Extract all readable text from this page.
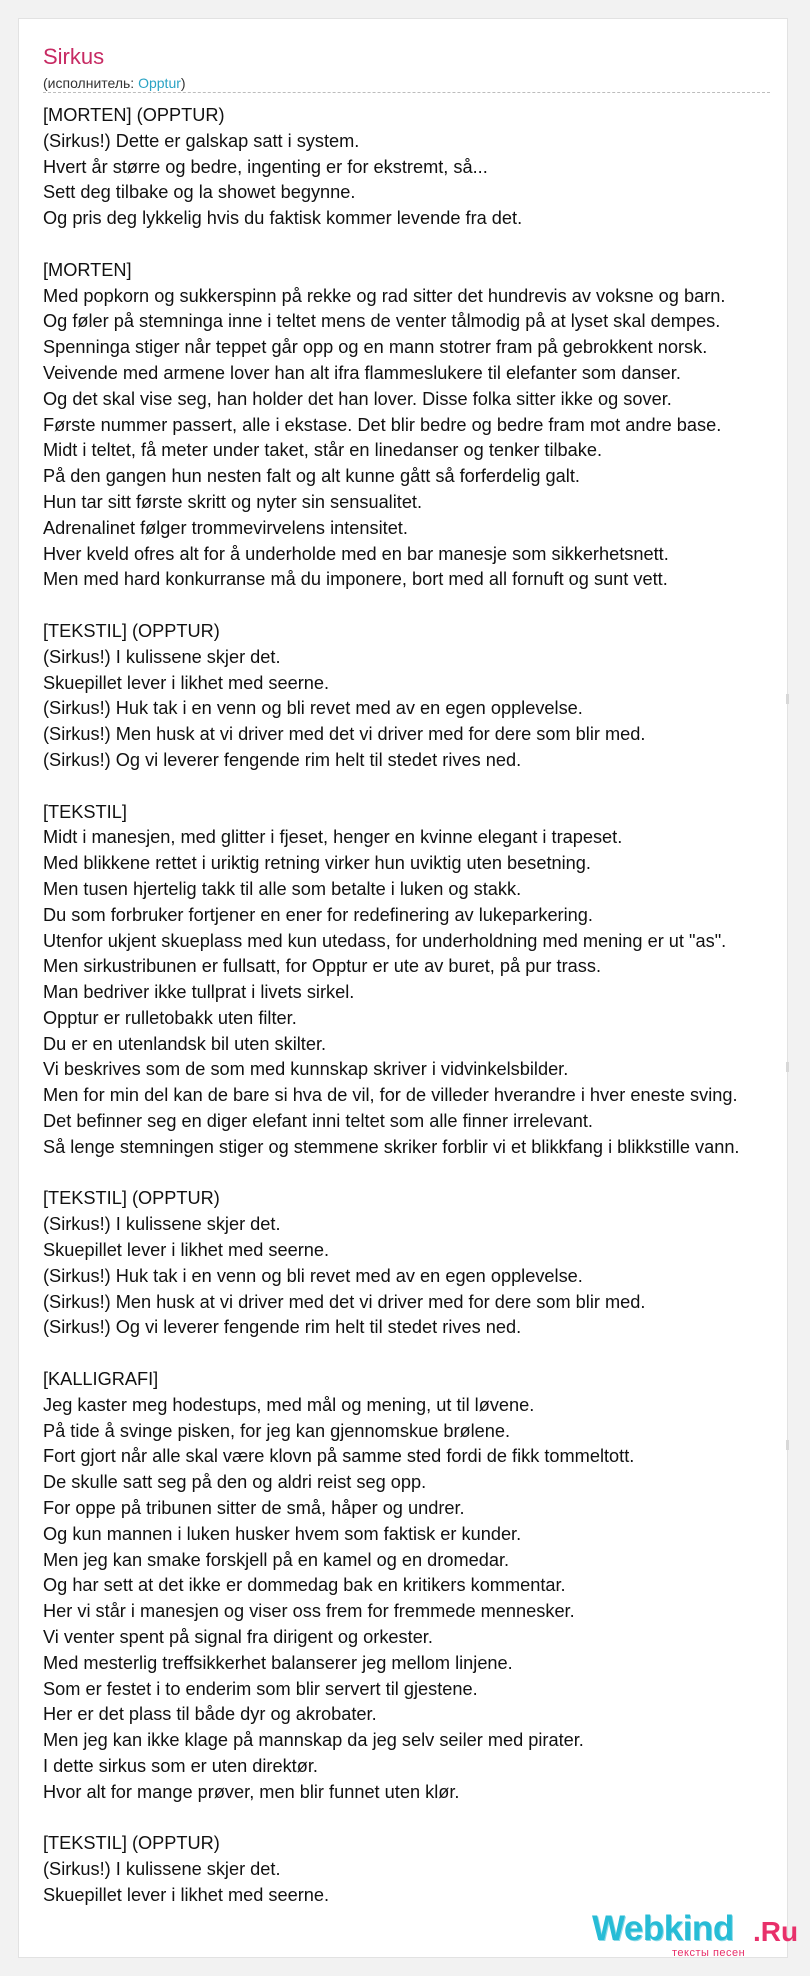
Sirkus
(исполнитель: Opptur)
[MORTEN] (OPPTUR)
(Sirkus!) Dette er galskap satt i system.
Hvert år større og bedre, ingenting er for ekstremt, så...
Sett deg tilbake og la showet begynne.
Og pris deg lykkelig hvis du faktisk kommer levende fra det.
[MORTEN]
Med popkorn og sukkerspinn på rekke og rad sitter det hundrevis av voksne og barn.
Og føler på stemninga inne i teltet mens de venter tålmodig på at lyset skal dempes.
Spenninga stiger når teppet går opp og en mann stotrer fram på gebrokkent norsk.
Veivende med armene lover han alt ifra flammeslukere til elefanter som danser.
Og det skal vise seg, han holder det han lover. Disse folka sitter ikke og sover.
Første nummer passert, alle i ekstase. Det blir bedre og bedre fram mot andre base.
Midt i teltet, få meter under taket, står en linedanser og tenker tilbake.
På den gangen hun nesten falt og alt kunne gått så forferdelig galt.
Hun tar sitt første skritt og nyter sin sensualitet.
Adrenalinet følger trommevirvelens intensitet.
Hver kveld ofres alt for å underholde med en bar manesje som sikkerhetsnett.
Men med hard konkurranse må du imponere, bort med all fornuft og sunt vett.
[TEKSTIL] (OPPTUR)
(Sirkus!) I kulissene skjer det.
Skuepillet lever i likhet med seerne.
(Sirkus!) Huk tak i en venn og bli revet med av en egen opplevelse.
(Sirkus!) Men husk at vi driver med det vi driver med for dere som blir med.
(Sirkus!) Og vi leverer fengende rim helt til stedet rives ned.
[TEKSTIL]
Midt i manesjen, med glitter i fjeset, henger en kvinne elegant i trapeset.
Med blikkene rettet i uriktig retning virker hun uviktig uten besetning.
Men tusen hjertelig takk til alle som betalte i luken og stakk.
Du som forbruker fortjener en ener for redefinering av lukeparkering.
Utenfor ukjent skueplass med kun utedass, for underholdning med mening er ut "as".
Men sirkustribunen er fullsatt, for Opptur er ute av buret, på pur trass.
Man bedriver ikke tullprat i livets sirkel.
Opptur er rulletobakk uten filter.
Du er en utenlandsk bil uten skilter.
Vi beskrives som de som med kunnskap skriver i vidvinkelsbilder.
Men for min del kan de bare si hva de vil, for de villeder hverandre i hver eneste sving.
Det befinner seg en diger elefant inni teltet som alle finner irrelevant.
Så lenge stemningen stiger og stemmene skriker forblir vi et blikkfang i blikkstille vann.
[TEKSTIL] (OPPTUR)
(Sirkus!) I kulissene skjer det.
Skuepillet lever i likhet med seerne.
(Sirkus!) Huk tak i en venn og bli revet med av en egen opplevelse.
(Sirkus!) Men husk at vi driver med det vi driver med for dere som blir med.
(Sirkus!) Og vi leverer fengende rim helt til stedet rives ned.
[KALLIGRAFI]
Jeg kaster meg hodestups, med mål og mening, ut til løvene.
På tide å svinge pisken, for jeg kan gjennomskue brølene.
Fort gjort når alle skal være klovn på samme sted fordi de fikk tommeltott.
De skulle satt seg på den og aldri reist seg opp.
For oppe på tribunen sitter de små, håper og undrer.
Og kun mannen i luken husker hvem som faktisk er kunder.
Men jeg kan smake forskjell på en kamel og en dromedar.
Og har sett at det ikke er dommedag bak en kritikers kommentar.
Her vi står i manesjen og viser oss frem for fremmede mennesker.
Vi venter spent på signal fra dirigent og orkester.
Med mesterlig treffsikkerhet balanserer jeg mellom linjene.
Som er festet i to enderim som blir servert til gjestene.
Her er det plass til både dyr og akrobater.
Men jeg kan ikke klage på mannskap da jeg selv seiler med pirater.
I dette sirkus som er uten direktør.
Hvor alt for mange prøver, men blir funnet uten klør.
[TEKSTIL] (OPPTUR)
(Sirkus!) I kulissene skjer det.
Skuepillet lever i likhet med seerne.
Webkind .Ru
тексты песен
